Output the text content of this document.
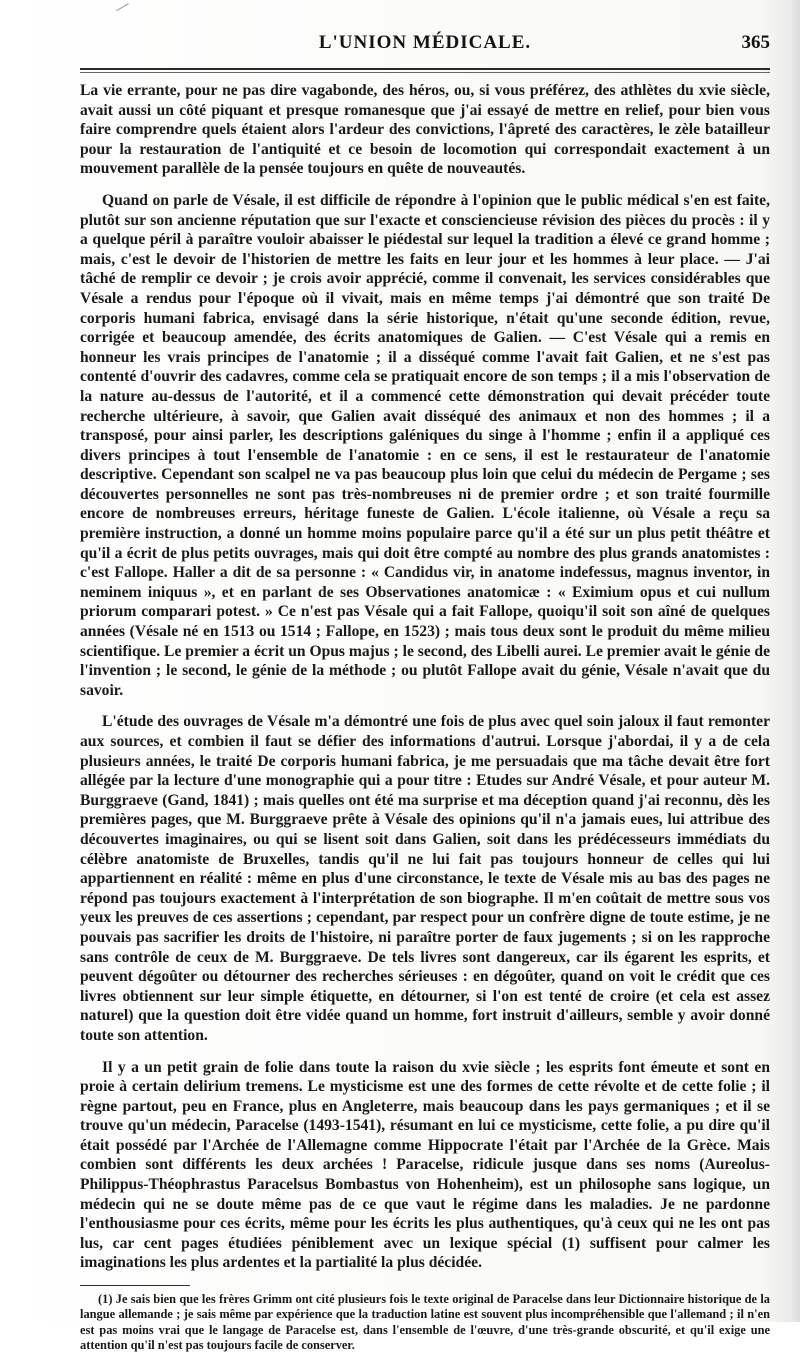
L'UNION MÉDICALE.	365

La vie errante, pour ne pas dire vagabonde, des héros, ou, si vous préférez, des athlètes du xvie siècle, avait aussi un côté piquant et presque romanesque que j'ai essayé de mettre en relief, pour bien vous faire comprendre quels étaient alors l'ardeur des convictions, l'âpreté des caractères, le zèle batailleur pour la restauration de l'antiquité et ce besoin de locomotion qui correspondait exactement à un mouvement parallèle de la pensée toujours en quête de nouveautés.

Quand on parle de Vésale, il est difficile de répondre à l'opinion que le public médical s'en est faite, plutôt sur son ancienne réputation que sur l'exacte et consciencieuse révision des pièces du procès : il y a quelque péril à paraître vouloir abaisser le piédestal sur lequel la tradition a élevé ce grand homme ; mais, c'est le devoir de l'historien de mettre les faits en leur jour et les hommes à leur place. — J'ai tâché de remplir ce devoir ; je crois avoir apprécié, comme il convenait, les services considérables que Vésale a rendus pour l'époque où il vivait, mais en même temps j'ai démontré que son traité De corporis humani fabrica, envisagé dans la série historique, n'était qu'une seconde édition, revue, corrigée et beaucoup amendée, des écrits anatomiques de Galien. — C'est Vésale qui a remis en honneur les vrais principes de l'anatomie ; il a disséqué comme l'avait fait Galien, et ne s'est pas contenté d'ouvrir des cadavres, comme cela se pratiquait encore de son temps ; il a mis l'observation de la nature au-dessus de l'autorité, et il a commencé cette démonstration qui devait précéder toute recherche ultérieure, à savoir, que Galien avait disséqué des animaux et non des hommes ; il a transposé, pour ainsi parler, les descriptions galéniques du singe à l'homme ; enfin il a appliqué ces divers principes à tout l'ensemble de l'anatomie : en ce sens, il est le restaurateur de l'anatomie descriptive. Cependant son scalpel ne va pas beaucoup plus loin que celui du médecin de Pergame ; ses découvertes personnelles ne sont pas très-nombreuses ni de premier ordre ; et son traité fourmille encore de nombreuses erreurs, héritage funeste de Galien. L'école italienne, où Vésale a reçu sa première instruction, a donné un homme moins populaire parce qu'il a été sur un plus petit théâtre et qu'il a écrit de plus petits ouvrages, mais qui doit être compté au nombre des plus grands anatomistes : c'est Fallope. Haller a dit de sa personne : « Candidus vir, in anatome indefessus, magnus inventor, in neminem iniquus », et en parlant de ses Observationes anatomicæ : « Eximium opus et cui nullum priorum comparari potest. » Ce n'est pas Vésale qui a fait Fallope, quoiqu'il soit son aîné de quelques années (Vésale né en 1513 ou 1514 ; Fallope, en 1523) ; mais tous deux sont le produit du même milieu scientifique. Le premier a écrit un Opus majus ; le second, des Libelli aurei. Le premier avait le génie de l'invention ; le second, le génie de la méthode ; ou plutôt Fallope avait du génie, Vésale n'avait que du savoir.

L'étude des ouvrages de Vésale m'a démontré une fois de plus avec quel soin jaloux il faut remonter aux sources, et combien il faut se défier des informations d'autrui. Lorsque j'abordai, il y a de cela plusieurs années, le traité De corporis humani fabrica, je me persuadais que ma tâche devait être fort allégée par la lecture d'une monographie qui a pour titre : Etudes sur André Vésale, et pour auteur M. Burggraeve (Gand, 1841) ; mais quelles ont été ma surprise et ma déception quand j'ai reconnu, dès les premières pages, que M. Burggraeve prête à Vésale des opinions qu'il n'a jamais eues, lui attribue des découvertes imaginaires, ou qui se lisent soit dans Galien, soit dans les prédécesseurs immédiats du célèbre anatomiste de Bruxelles, tandis qu'il ne lui fait pas toujours honneur de celles qui lui appartiennent en réalité : même en plus d'une circonstance, le texte de Vésale mis au bas des pages ne répond pas toujours exactement à l'interprétation de son biographe. Il m'en coûtait de mettre sous vos yeux les preuves de ces assertions ; cependant, par respect pour un confrère digne de toute estime, je ne pouvais pas sacrifier les droits de l'histoire, ni paraître porter de faux jugements ; si on les rapproche sans contrôle de ceux de M. Burggraeve. De tels livres sont dangereux, car ils égarent les esprits, et peuvent dégoûter ou détourner des recherches sérieuses : en dégoûter, quand on voit le crédit que ces livres obtiennent sur leur simple étiquette, en détourner, si l'on est tenté de croire (et cela est assez naturel) que la question doit être vidée quand un homme, fort instruit d'ailleurs, semble y avoir donné toute son attention.

Il y a un petit grain de folie dans toute la raison du xvie siècle ; les esprits font émeute et sont en proie à certain delirium tremens. Le mysticisme est une des formes de cette révolte et de cette folie ; il règne partout, peu en France, plus en Angleterre, mais beaucoup dans les pays germaniques ; et il se trouve qu'un médecin, Paracelse (1493-1541), résumant en lui ce mysticisme, cette folie, a pu dire qu'il était possédé par l'Archée de l'Allemagne comme Hippocrate l'était par l'Archée de la Grèce. Mais combien sont différents les deux archées ! Paracelse, ridicule jusque dans ses noms (Aureolus-Philippus-Théophrastus Paracelsus Bombastus von Hohenheim), est un philosophe sans logique, un médecin qui ne se doute même pas de ce que vaut le régime dans les maladies. Je ne pardonne l'enthousiasme pour ces écrits, même pour les écrits les plus authentiques, qu'à ceux qui ne les ont pas lus, car cent pages étudiées péniblement avec un lexique spécial (1) suffisent pour calmer les imaginations les plus ardentes et la partialité la plus décidée.

(1) Je sais bien que les frères Grimm ont cité plusieurs fois le texte original de Paracelse dans leur Dictionnaire historique de la langue allemande ; je sais même par expérience que la traduction latine est souvent plus incompréhensible que l'allemand ; il n'en est pas moins vrai que le langage de Paracelse est, dans l'ensemble de l'œuvre, d'une très-grande obscurité, et qu'il exige une attention qu'il n'est pas toujours facile de conserver.
